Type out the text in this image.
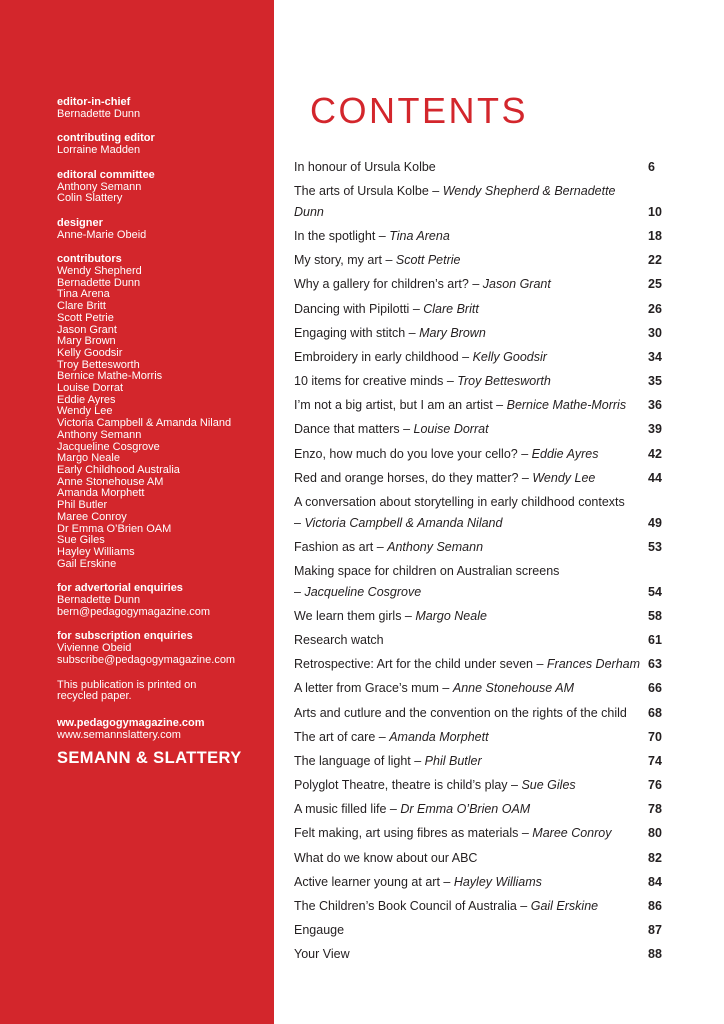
editor-in-chief
Bernadette Dunn
contributing editor
Lorraine Madden
editoral committee
Anthony Semann
Colin Slattery
designer
Anne-Marie Obeid
contributors
Wendy Shepherd
Bernadette Dunn
Tina Arena
Clare Britt
Scott Petrie
Jason Grant
Mary Brown
Kelly Goodsir
Troy Bettesworth
Bernice Mathe-Morris
Louise Dorrat
Eddie Ayres
Wendy Lee
Victoria Campbell & Amanda Niland
Anthony Semann
Jacqueline Cosgrove
Margo Neale
Early Childhood Australia
Anne Stonehouse AM
Amanda Morphett
Phil Butler
Maree Conroy
Dr Emma O’Brien OAM
Sue Giles
Hayley Williams
Gail Erskine
for advertorial enquiries
Bernadette Dunn
bern@pedagogymagazine.com
for subscription enquiries
Vivienne Obeid
subscribe@pedagogymagazine.com
This publication is printed on recycled paper.
ww.pedagogymagazine.com
www.semannslattery.com
SEMANN & SLATTERY
CONTENTS
In honour of Ursula Kolbe	6
The arts of Ursula Kolbe – Wendy Shepherd & Bernadette Dunn	10
In the spotlight – Tina Arena	18
My story, my art – Scott Petrie	22
Why a gallery for children’s art? – Jason Grant	25
Dancing with Pipilotti – Clare Britt	26
Engaging with stitch – Mary Brown	30
Embroidery in early childhood – Kelly Goodsir	34
10 items for creative minds – Troy Bettesworth	35
I’m not a big artist, but I am an artist – Bernice Mathe-Morris	36
Dance that matters – Louise Dorrat	39
Enzo, how much do you love your cello? – Eddie Ayres	42
Red and orange horses, do they matter? – Wendy Lee	44
A conversation about storytelling in early childhood contexts
– Victoria Campbell & Amanda Niland	49
Fashion as art – Anthony Semann	53
Making space for children on Australian screens
– Jacqueline Cosgrove	54
We learn them girls – Margo Neale	58
Research watch	61
Retrospective: Art for the child under seven – Frances Derham 63
A letter from Grace’s mum – Anne Stonehouse AM	66
Arts and cutlure and the convention on the rights of the child	68
The art of care – Amanda Morphett	70
The language of light – Phil Butler	74
Polyglot Theatre, theatre is child’s play – Sue Giles	76
A music filled life – Dr Emma O’Brien OAM	78
Felt making, art using fibres as materials – Maree Conroy	80
What do we know about our ABC	82
Active learner young at art – Hayley Williams	84
The Children’s Book Council of Australia – Gail Erskine	86
Engauge	87
Your View	88
